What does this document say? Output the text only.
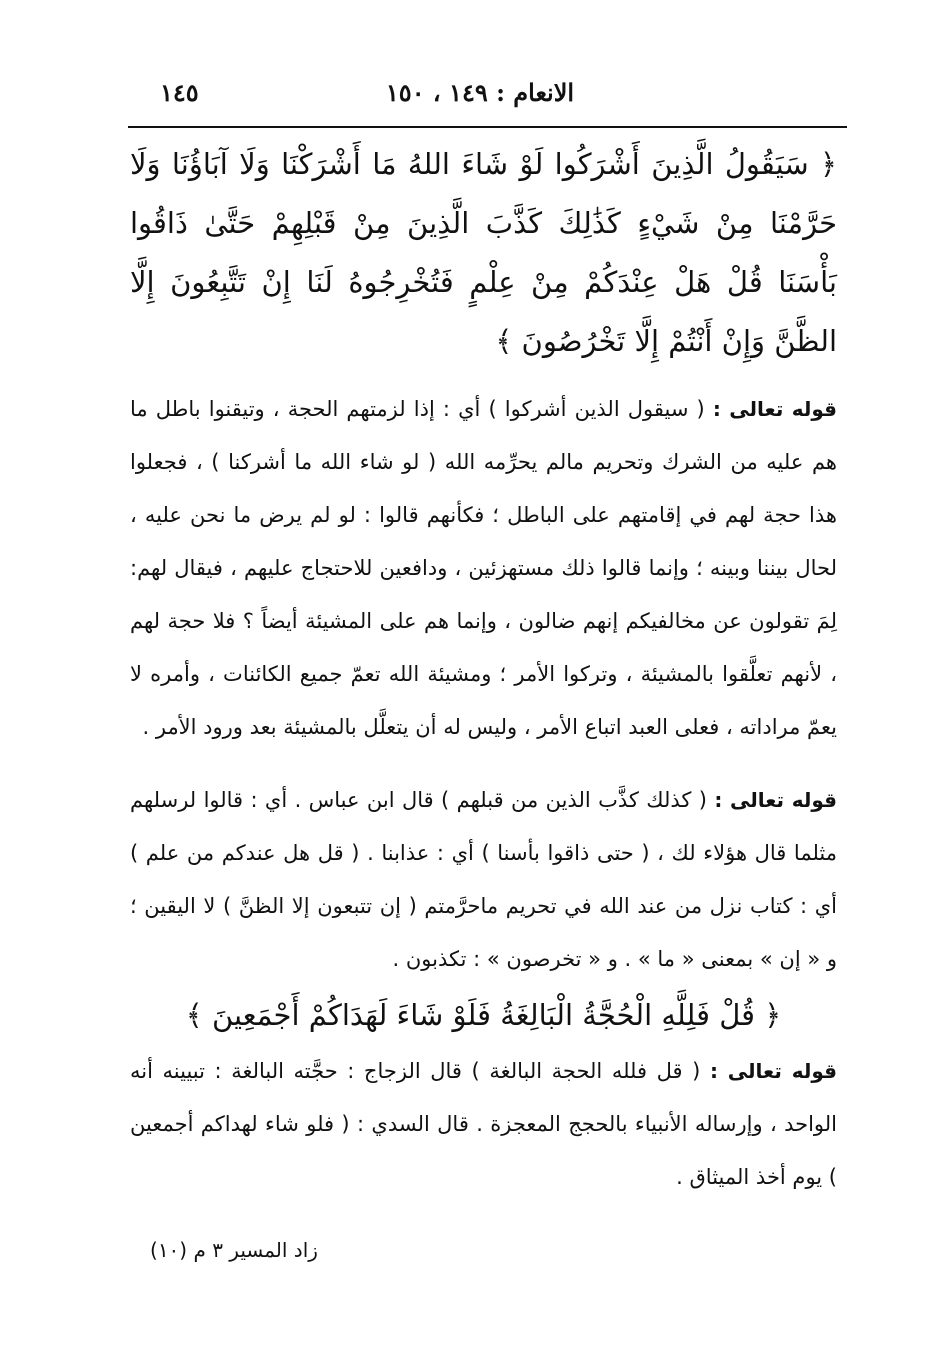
الانعام : ١٤٩ ، ١٥٠
١٤٥
﴿ سَيَقُولُ الَّذِينَ أَشْرَكُوا لَوْ شَاءَ اللهُ مَا أَشْرَكْنَا وَلَا آبَاؤُنَا وَلَا حَرَّمْنَا مِنْ شَيْءٍ كَذَٰلِكَ كَذَّبَ الَّذِينَ مِنْ قَبْلِهِمْ حَتَّىٰ ذَاقُوا بَأْسَنَا قُلْ هَلْ عِنْدَكُمْ مِنْ عِلْمٍ فَتُخْرِجُوهُ لَنَا إِنْ تَتَّبِعُونَ إِلَّا الظَّنَّ وَإِنْ أَنْتُمْ إِلَّا تَخْرُصُونَ ﴾
قوله تعالى : ( سيقول الذين أشركوا ) أي : إذا لزمتهم الحجة ، وتيقنوا باطل ما هم عليه من الشرك وتحريم مالم يحرِّمه الله ( لو شاء الله ما أشركنا ) ، فجعلوا هذا حجة لهم في إقامتهم على الباطل ؛ فكأنهم قالوا : لو لم يرض ما نحن عليه ، لحال بيننا وبينه ؛ وإنما قالوا ذلك مستهزئين ، ودافعين للاحتجاج عليهم ، فيقال لهم: لِمَ تقولون عن مخالفيكم إنهم ضالون ، وإنما هم على المشيئة أيضاً ؟ فلا حجة لهم ، لأنهم تعلَّقوا بالمشيئة ، وتركوا الأمر ؛ ومشيئة الله تعمّ جميع الكائنات ، وأمره لا يعمّ مراداته ، فعلى العبد اتباع الأمر ، وليس له أن يتعلَّل بالمشيئة بعد ورود الأمر .
قوله تعالى : ( كذلك كذَّب الذين من قبلهم ) قال ابن عباس . أي : قالوا لرسلهم مثلما قال هؤلاء لك ، ( حتى ذاقوا بأسنا ) أي : عذابنا . ( قل هل عندكم من علم ) أي : كتاب نزل من عند الله في تحريم ماحرَّمتم ( إن تتبعون إلا الظنَّ ) لا اليقين ؛ و « إن » بمعنى « ما » . و « تخرصون » : تكذبون .
﴿ قُلْ فَلِلَّهِ الْحُجَّةُ الْبَالِغَةُ فَلَوْ شَاءَ لَهَدَاكُمْ أَجْمَعِينَ ﴾
قوله تعالى : ( قل فلله الحجة البالغة ) قال الزجاج : حجَّته البالغة : تبيينه أنه الواحد ، وإرساله الأنبياء بالحجج المعجزة . قال السدي : ( فلو شاء لهداكم أجمعين ) يوم أخذ الميثاق .
زاد المسير ٣ م (١٠)
